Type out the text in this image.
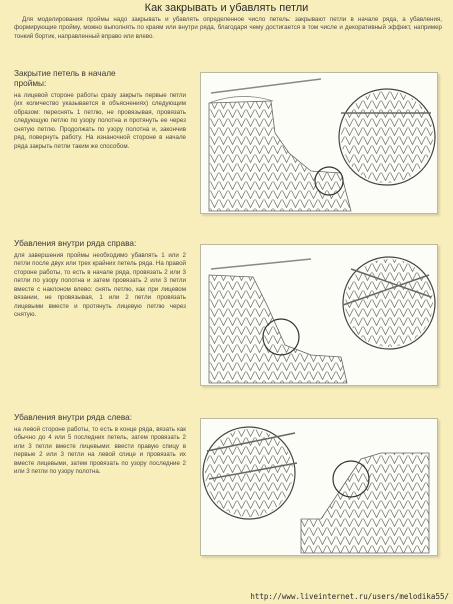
Как закрывать и убавлять петли
Для моделирования проймы надо закрывать и убавлять определенное число петель: закрывают петли в начале ряда, а убавления, формирующие пройму, можно выполнять по краям или внутри ряда, благодаря чему достигается в том числе и декоративный эффект, например тонкий бортик, направленный вправо или влево.
Закрытие петель в начале проймы:
на лицевой стороне работы сразу закрыть первые петли (их количество указывается в объяснениях) следующим образом: переснять 1 петлю, не провязывая, провязать следующую петлю по узору полотна и протянуть ее через снятую петлю. Продолжать по узору полотна и, закончив ряд, повернуть работу. На изнаночной стороне в начале ряда закрыть петли таким же способом.
Убавления внутри ряда справа:
для завершения проймы необходимо убавлять 1 или 2 петли после двух или трех крайних петель ряда. На правой стороне работы, то есть в начале ряда, провязать 2 или 3 петли по узору полотна и затем провязать 2 или 3 петли вместе с наклоном влево: снять петлю, как при лицевом вязании, не провязывая, 1 или 2 петли провязать лицевыми вместе и протянуть лицевую петлю через снятую.
Убавления внутри ряда слева:
на левой стороне работы, то есть в конце ряда, вязать как обычно до 4 или 5 последних петель, затем провязать 2 или 3 петли вместе лицевыми: ввести правую спицу в первые 2 или 3 петли на левой спице и провязать их вместе лицевыми, затем провязать по узору последние 2 или 3 петли по узору полотна.
http://www.liveinternet.ru/users/melodika55/
